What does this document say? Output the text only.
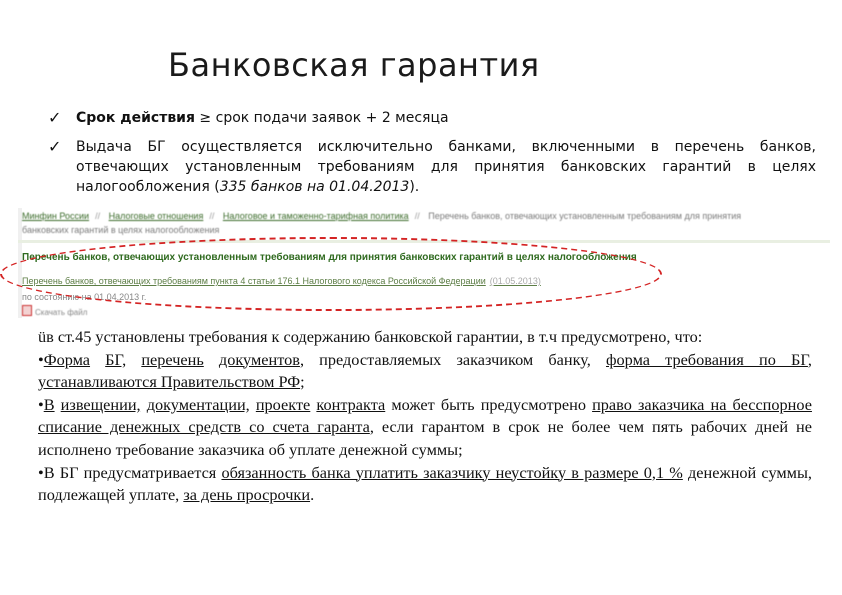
Банковская гарантия
✓ Срок действия ≥ срок подачи заявок + 2 месяца
✓ Выдача БГ осуществляется исключительно банками, включенными в перечень банков, отвечающих установленным требованиям для принятия банковских гарантий в целях налогообложения (335 банков на 01.04.2013).
Минфин России // Налоговые отношения // Налоговое и таможенно-тарифная политика // Перечень банков, отвечающих установленным требованиям для принятия
банковских гарантий в целях налогообложения
Перечень банков, отвечающих установленным требованиям для принятия банковских гарантий в целях налогообложения
Перечень банков, отвечающих требованиям пункта 4 статьи 176.1 Налогового кодекса Российской Федерации (01.05.2013)
по состоянию на 01.04.2013 г.
Скачать файл

üв ст.45 установлены требования к содержанию банковской гарантии, в т.ч предусмотрено, что:

•Форма БГ, перечень документов, предоставляемых заказчиком банку, форма требования по БГ, устанавливаются Правительством РФ;

•В извещении, документации, проекте контракта может быть предусмотрено право заказчика на бесспорное списание денежных средств со счета гаранта, если гарантом в срок не более чем пять рабочих дней не исполнено требование заказчика об уплате денежной суммы;

•В БГ предусматривается обязанность банка уплатить заказчику неустойку в размере 0,1 % денежной суммы, подлежащей уплате, за день просрочки.
